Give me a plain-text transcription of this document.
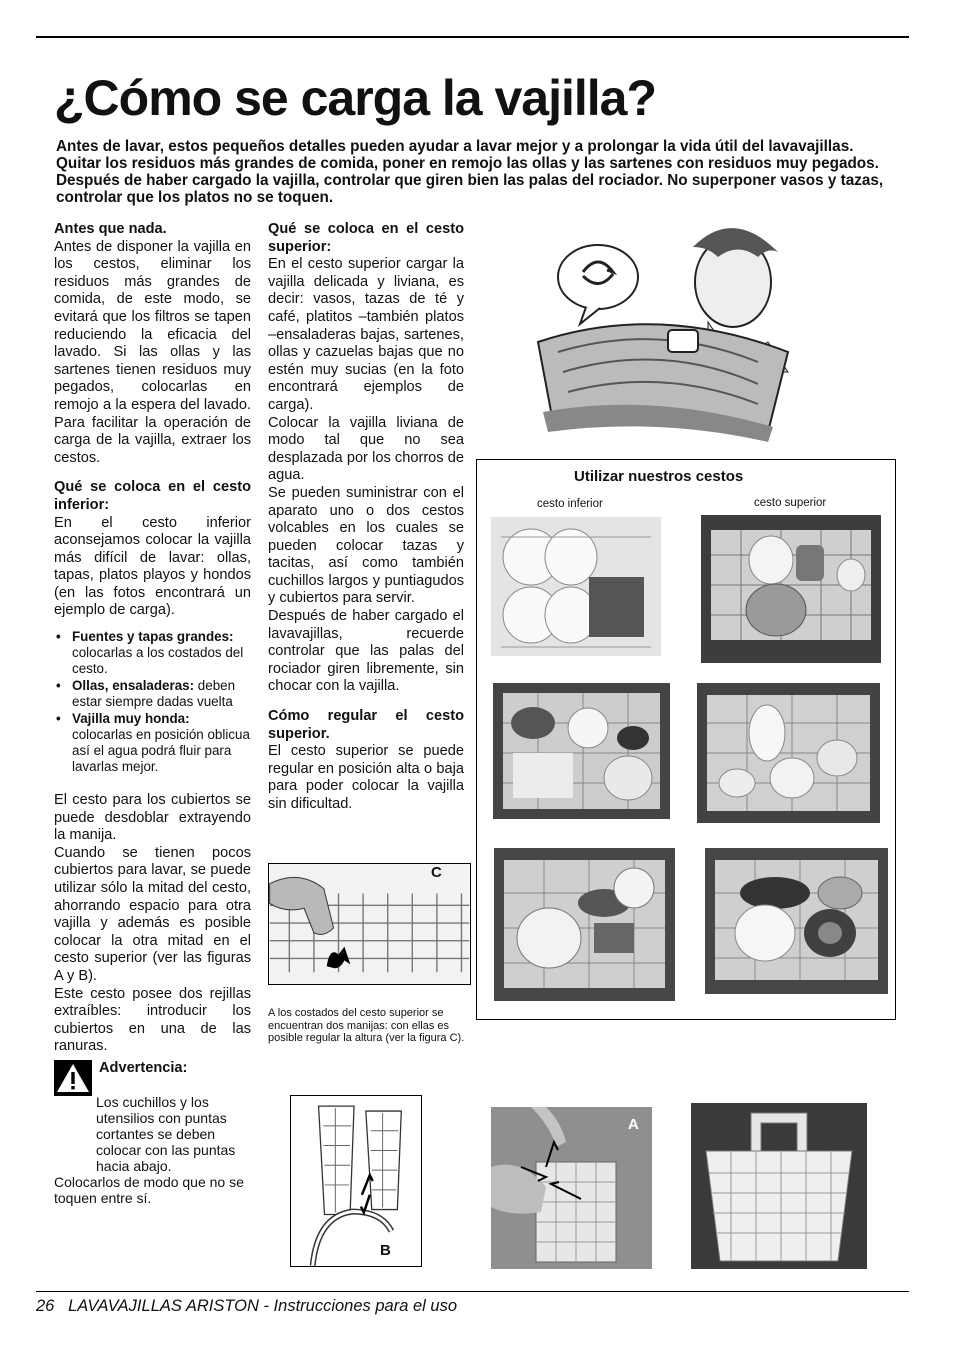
¿Cómo se carga la vajilla?

Antes de lavar, estos pequeños detalles pueden ayudar a lavar mejor y a prolongar la vida útil del lavavajillas. Quitar los residuos más grandes de comida, poner en remojo las ollas y las sartenes con residuos muy pegados. Después de haber cargado la vajilla, controlar que giren bien las palas del rociador. No superponer vasos y tazas, controlar que los platos no se toquen.

Antes que nada.

Antes de disponer la vajilla en los cestos, eliminar los residuos más grandes de comida, de este modo, se evitará que los filtros se tapen reduciendo la eficacia del lavado. Si las ollas y las sartenes tienen residuos muy pegados, colocarlas en remojo a la espera del lavado. Para facilitar la operación de carga de la vajilla, extraer los cestos.

Qué se coloca en el cesto inferior:

En el cesto inferior aconsejamos colocar la vajilla más difícil de lavar: ollas, tapas, platos playos y hondos (en las fotos encontrará un ejemplo de carga).

• Fuentes y tapas grandes: colocarlas a los costados del cesto.
• Ollas, ensaladeras: deben estar siempre dadas vuelta
• Vajilla muy honda: colocarlas en posición oblicua así el agua podrá fluir para lavarlas mejor.

El cesto para los cubiertos se puede desdoblar extrayendo la manija.

Cuando se tienen pocos cubiertos para lavar, se puede utilizar sólo la mitad del cesto, ahorrando espacio para otra vajilla y además es posible colocar la otra mitad en el cesto superior (ver las figuras A y B).

Este cesto posee dos rejillas extraíbles: introducir los cubiertos en una de las ranuras.

Advertencia:

Los cuchillos y los utensilios con puntas cortantes se deben colocar con las puntas hacia abajo.

Colocarlos de modo que no se toquen entre sí.

Qué se coloca en el cesto superior:

En el cesto superior cargar la vajilla delicada y liviana, es decir: vasos, tazas de té y café, platitos –también platos –ensaladeras bajas, sartenes, ollas y cazuelas bajas que no estén muy sucias (en la foto encontrará ejemplos de carga).

Colocar la vajilla liviana de modo tal que no sea desplazada por los chorros de agua.

Se pueden suministrar con el aparato uno o dos cestos volcables en los cuales se pueden colocar tazas y tacitas, así como también cuchillos largos y puntiagudos y cubiertos para servir.

Después de haber cargado el lavavajillas, recuerde controlar que las palas del rociador giren libremente, sin chocar con la vajilla.

Cómo regular el cesto superior.

El cesto superior se puede regular en posición alta o baja para poder colocar la vajilla sin dificultad.

C

A los costados del cesto superior se encuentran dos manijas: con ellas es posible regular la altura (ver la figura C).

Utilizar nuestros cestos
cesto inferior	cesto superior
B
A
26 LAVAVAJILLAS ARISTON - Instrucciones para el uso
